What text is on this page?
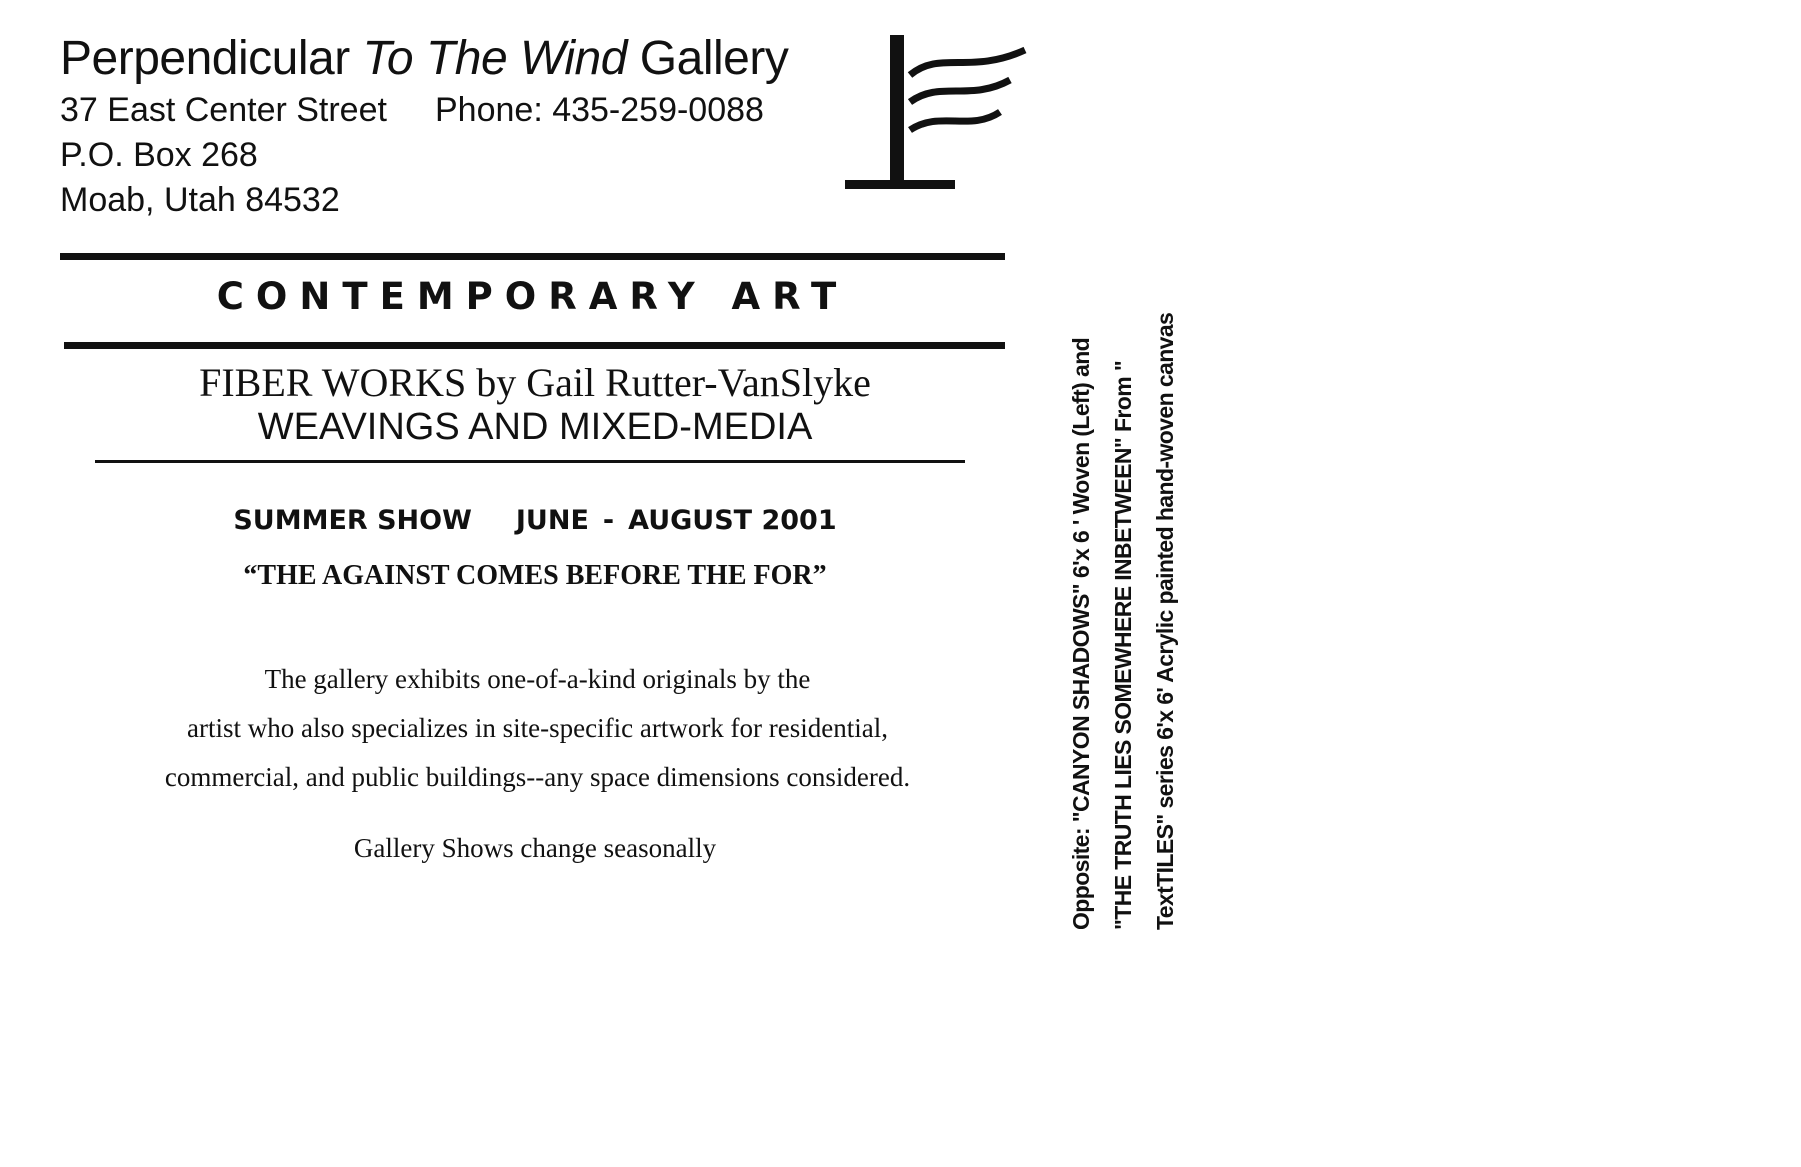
Perpendicular To The Wind Gallery
37 East Center Street	Phone: 435-259-0088
P.O. Box 268
Moab, Utah 84532
CONTEMPORARY ART
FIBER WORKS by Gail Rutter-VanSlyke
WEAVINGS AND MIXED-MEDIA
SUMMER SHOW JUNE - AUGUST 2001
“THE AGAINST COMES BEFORE THE FOR”
The gallery exhibits one-of-a-kind originals by the
artist who also specializes in site-specific artwork for residential,
commercial, and public buildings--any space dimensions considered.
Gallery Shows change seasonally	Opposite: "CANYON SHADOWS" 6'x 6 ' Woven (Left) and "THE TRUTH LIES SOMEWHERE INBETWEEN" From " TextTILES" series 6'x 6' Acrylic painted hand-woven canvas
